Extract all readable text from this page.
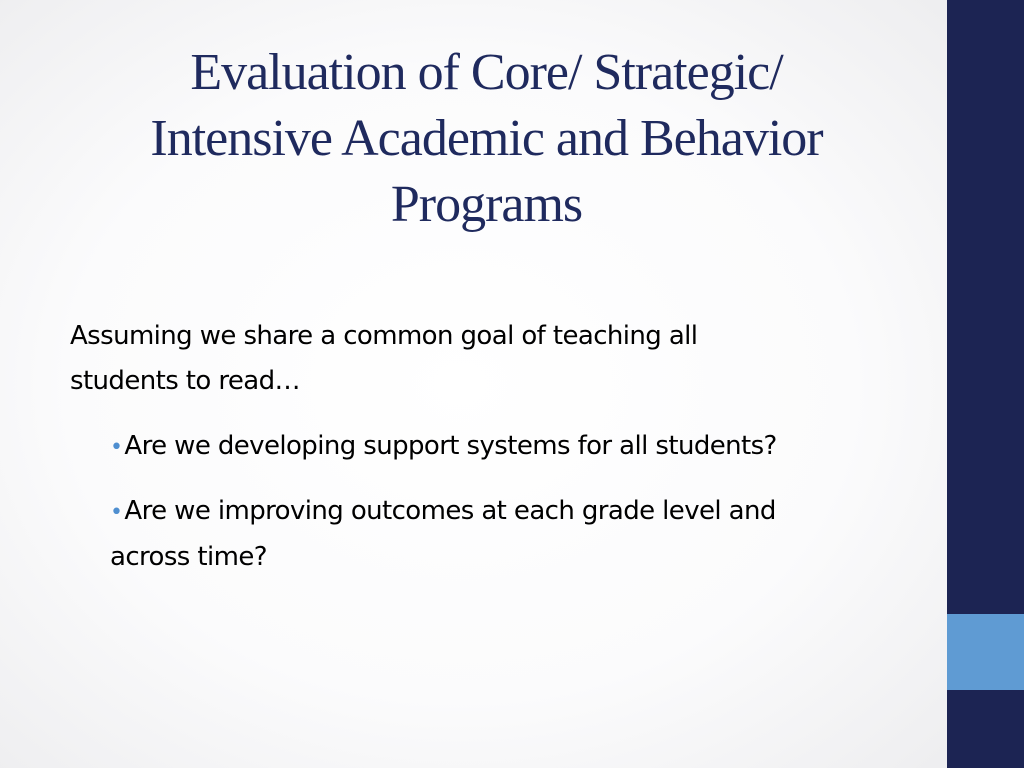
Evaluation of Core/ Strategic/
Intensive Academic and Behavior
Programs

Assuming we share a common goal of teaching all
students to read…

•Are we developing support systems for all students?
•Are we improving outcomes at each grade level and
across time?
